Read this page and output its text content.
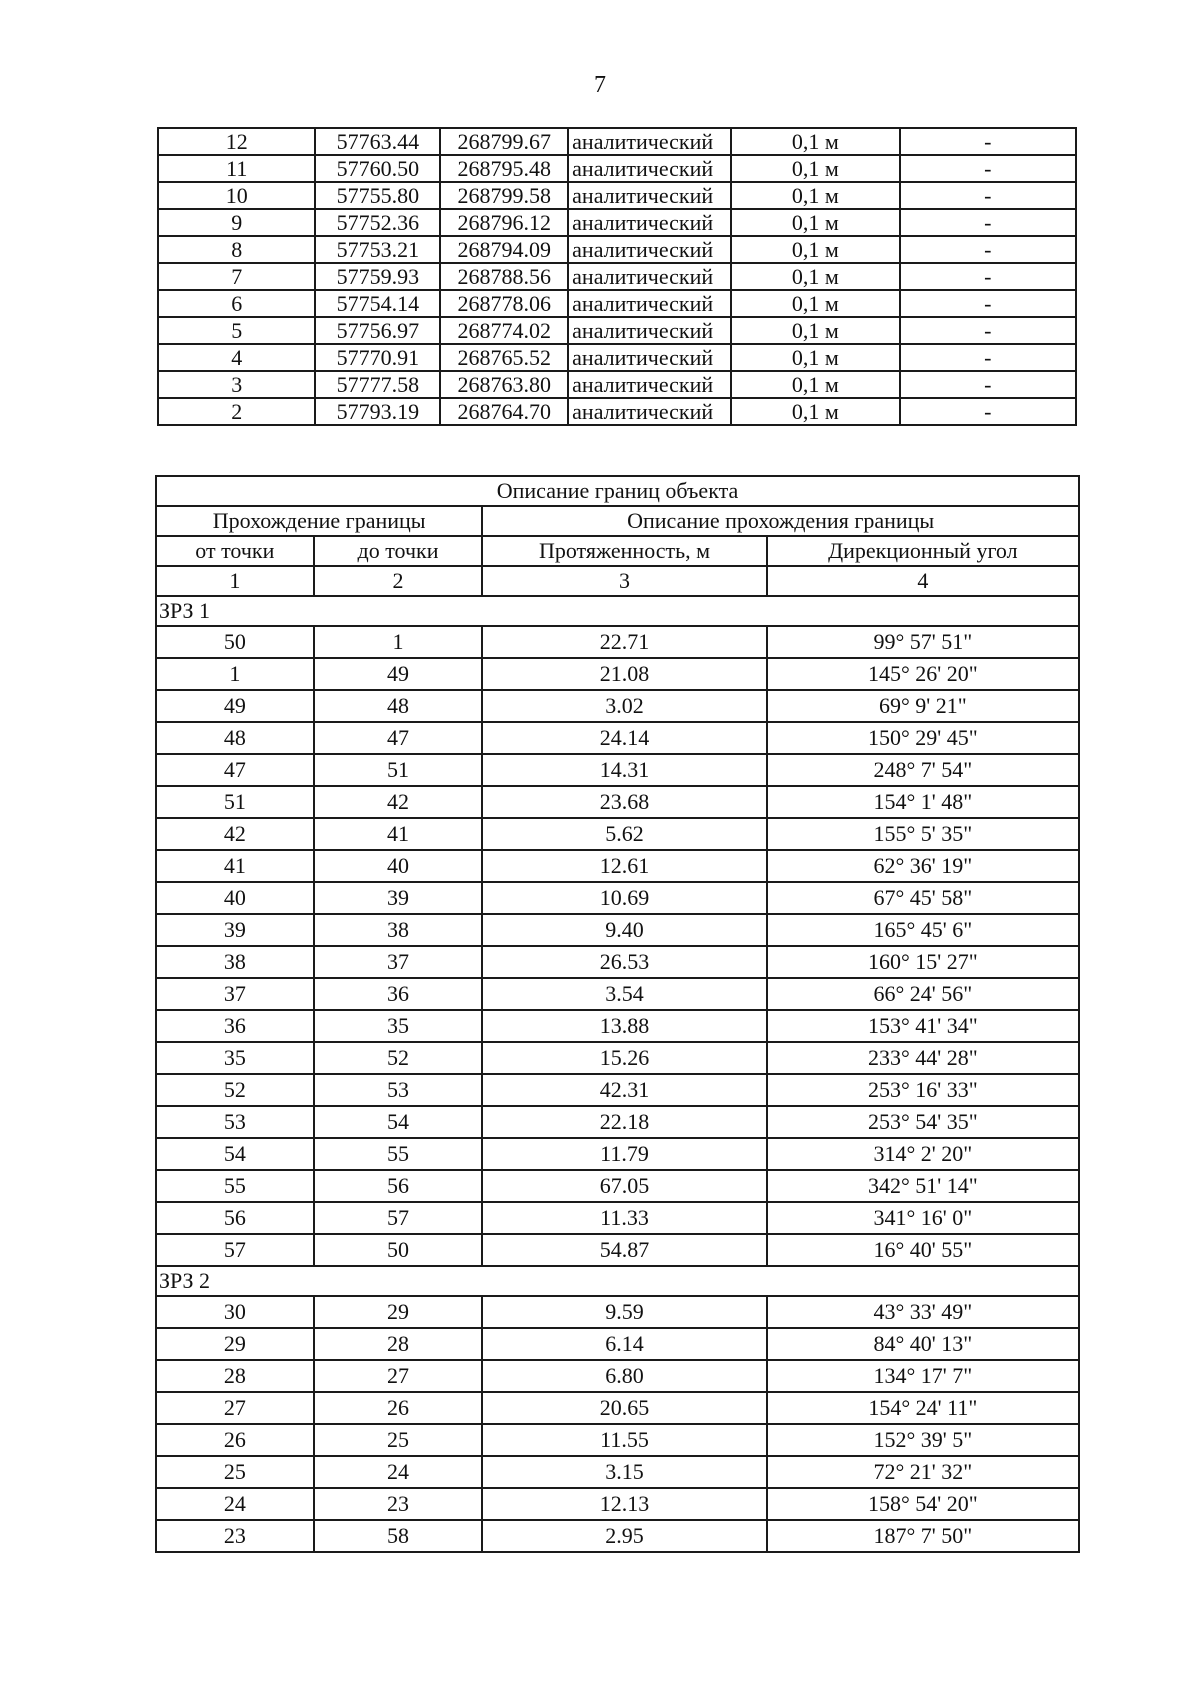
7
12	57763.44	268799.67	аналитический	0,1 м	-
11	57760.50	268795.48	аналитический	0,1 м	-
10	57755.80	268799.58	аналитический	0,1 м	-
9	57752.36	268796.12	аналитический	0,1 м	-
8	57753.21	268794.09	аналитический	0,1 м	-
7	57759.93	268788.56	аналитический	0,1 м	-
6	57754.14	268778.06	аналитический	0,1 м	-
5	57756.97	268774.02	аналитический	0,1 м	-
4	57770.91	268765.52	аналитический	0,1 м	-
3	57777.58	268763.80	аналитический	0,1 м	-
2	57793.19	268764.70	аналитический	0,1 м	-
Описание границ объекта			
Прохождение границы		Описание прохождения границы	
от точки	до точки	Протяженность, м	Дирекционный угол
1	2	3	4
ЗРЗ 1			
50	1	22.71	99° 57' 51"
1	49	21.08	145° 26' 20"
49	48	3.02	69° 9' 21"
48	47	24.14	150° 29' 45"
47	51	14.31	248° 7' 54"
51	42	23.68	154° 1' 48"
42	41	5.62	155° 5' 35"
41	40	12.61	62° 36' 19"
40	39	10.69	67° 45' 58"
39	38	9.40	165° 45' 6"
38	37	26.53	160° 15' 27"
37	36	3.54	66° 24' 56"
36	35	13.88	153° 41' 34"
35	52	15.26	233° 44' 28"
52	53	42.31	253° 16' 33"
53	54	22.18	253° 54' 35"
54	55	11.79	314° 2' 20"
55	56	67.05	342° 51' 14"
56	57	11.33	341° 16' 0"
57	50	54.87	16° 40' 55"
ЗРЗ 2			
30	29	9.59	43° 33' 49"
29	28	6.14	84° 40' 13"
28	27	6.80	134° 17' 7"
27	26	20.65	154° 24' 11"
26	25	11.55	152° 39' 5"
25	24	3.15	72° 21' 32"
24	23	12.13	158° 54' 20"
23	58	2.95	187° 7' 50"
